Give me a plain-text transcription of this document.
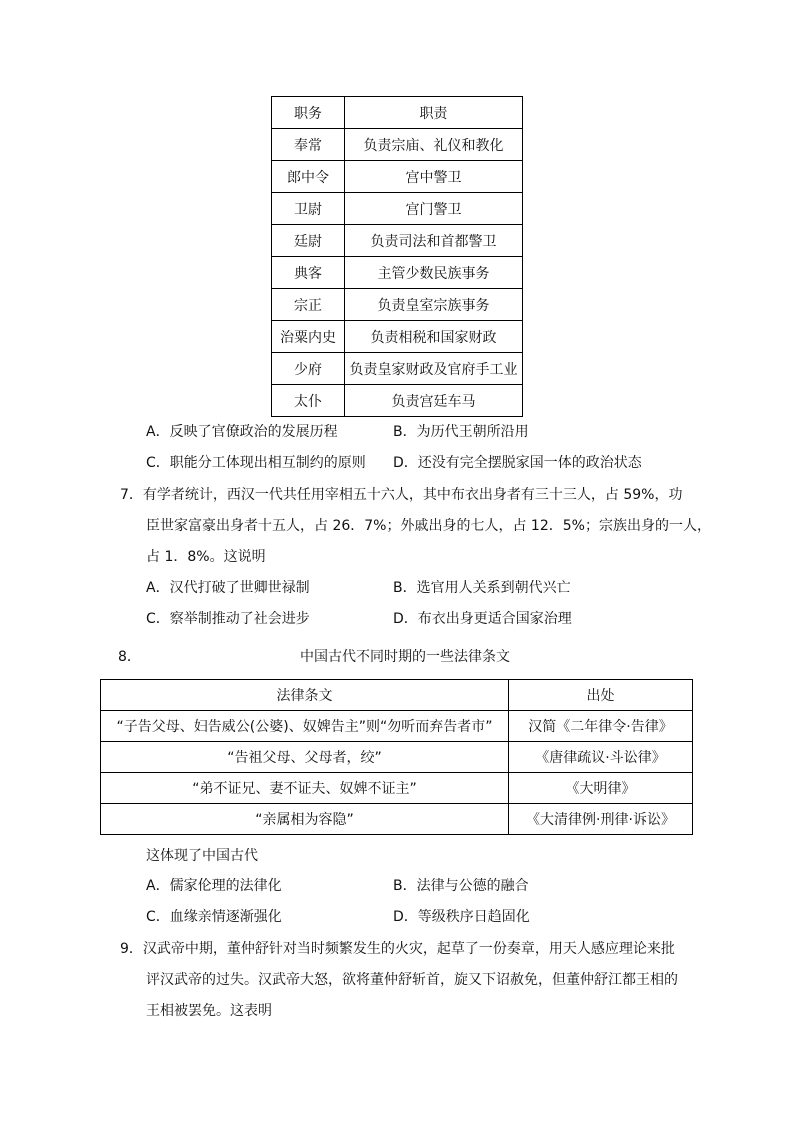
职务	职责
奉常	负责宗庙、礼仪和教化
郎中令	宫中警卫
卫尉	宫门警卫
廷尉	负责司法和首都警卫
典客	主管少数民族事务
宗正	负责皇室宗族事务
治粟内史	负责相税和国家财政
少府	负责皇家财政及官府手工业
太仆	负责宫廷车马
A．反映了官僚政治的发展历程	B．为历代王朝所沿用
C．职能分工体现出相互制约的原则 D．还没有完全摆脱家国一体的政治状态
7．有学者统计，西汉一代共任用宰相五十六人，其中布衣出身者有三十三人，占 59%，功
臣世家富豪出身者十五人，占 26．7%；外戚出身的七人，占 12．5%；宗族出身的一人，
占 1．8%。这说明
A．汉代打破了世卿世禄制	B．选官用人关系到朝代兴亡
C．察举制推动了社会进步	D．布衣出身更适合国家治理
8．	中国古代不同时期的一些法律条文
法律条文	出处
“子告父母、妇告威公(公婆)、奴婢告主”则“勿听而弃告者市”	汉简《二年律令·告律》
“告祖父母、父母者，绞”	《唐律疏议·斗讼律》
“弟不证兄、妻不证夫、奴婢不证主”	《大明律》
“亲属相为容隐”	《大清律例·刑律·诉讼》
这体现了中国古代
A．儒家伦理的法律化	B．法律与公德的融合
C．血缘亲情逐渐强化	D．等级秩序日趋固化
9．汉武帝中期，董仲舒针对当时频繁发生的火灾，起草了一份奏章，用天人感应理论来批
评汉武帝的过失。汉武帝大怒，欲将董仲舒斩首，旋又下诏赦免，但董仲舒江都王相的
王相被罢免。这表明
